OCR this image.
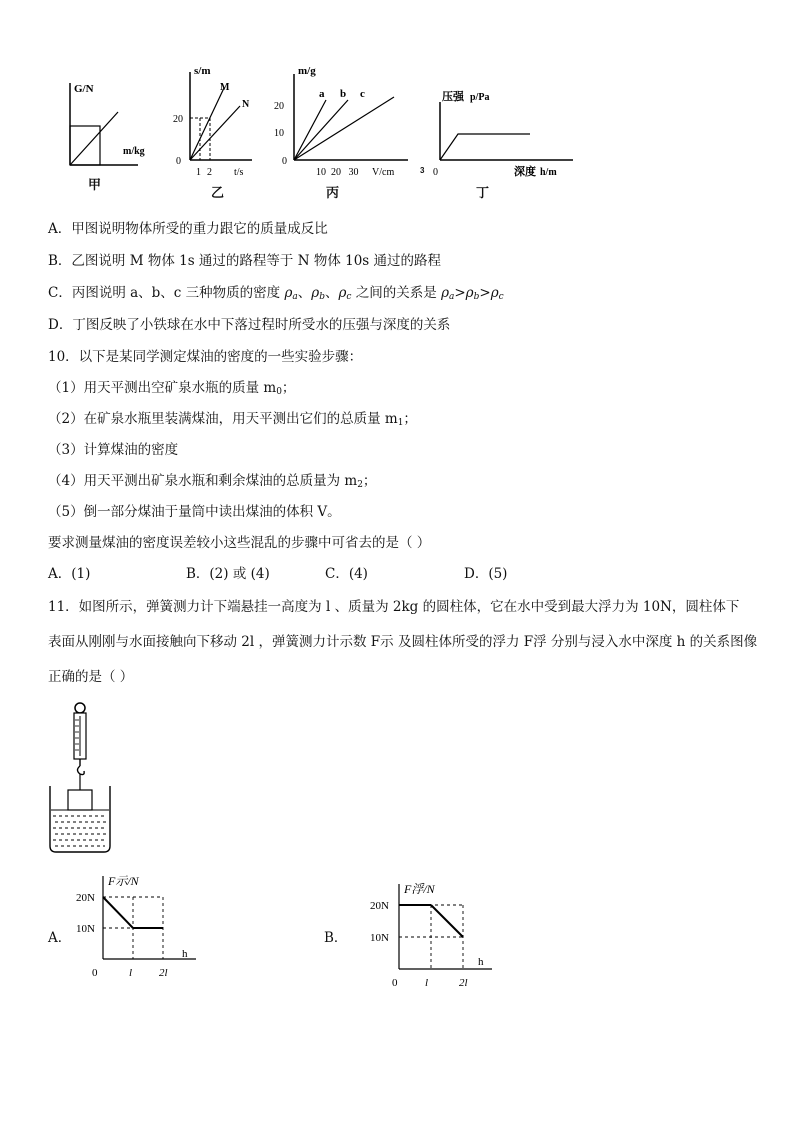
G/N
m/kg
甲
s/m
20
0
1 2 t/s
M
N
乙
m/g
20
10
0
10  20   30 V/cm
a b c
3
丙
压强 p/Pa
0	深度 h/m
丁
A．甲图说明物体所受的重力跟它的质量成反比
B．乙图说明 M 物体 1s 通过的路程等于 N 物体 10s 通过的路程
C．丙图说明 a、b、c 三种物质的密度 $\rho_a$、$\rho_b$、$\rho_c$ 之间的关系是 $\rho_a>\rho_b>\rho_c$
D．丁图反映了小铁球在水中下落过程时所受水的压强与深度的关系
10．以下是某同学测定煤油的密度的一些实验步骤：
（1）用天平测出空矿泉水瓶的质量 $m_0$；
（2）在矿泉水瓶里装满煤油，用天平测出它们的总质量 $m_1$；
（3）计算煤油的密度
（4）用天平测出矿泉水瓶和剩余煤油的总质量为 $m_2$；
（5）倒一部分煤油于量筒中读出煤油的体积 V。
要求测量煤油的密度误差较小这些混乱的步骤中可省去的是（ ）
A．(1)	B．(2) 或 (4)	C．(4)	D．(5)
11．如图所示，弹簧测力计下端悬挂一高度为 l 、质量为 2kg 的圆柱体，它在水中受到最大浮力为 10N，圆柱体下
表面从刚刚与水面接触向下移动 2l ，弹簧测力计示数 F示 及圆柱体所受的浮力 F浮 分别与浸入水中深度 h 的关系图像
正确的是（ ）
A．
F示/N
h
20N
10N
0	l 2l
B．
F浮/N
h
20N
10N
0	l	2l
